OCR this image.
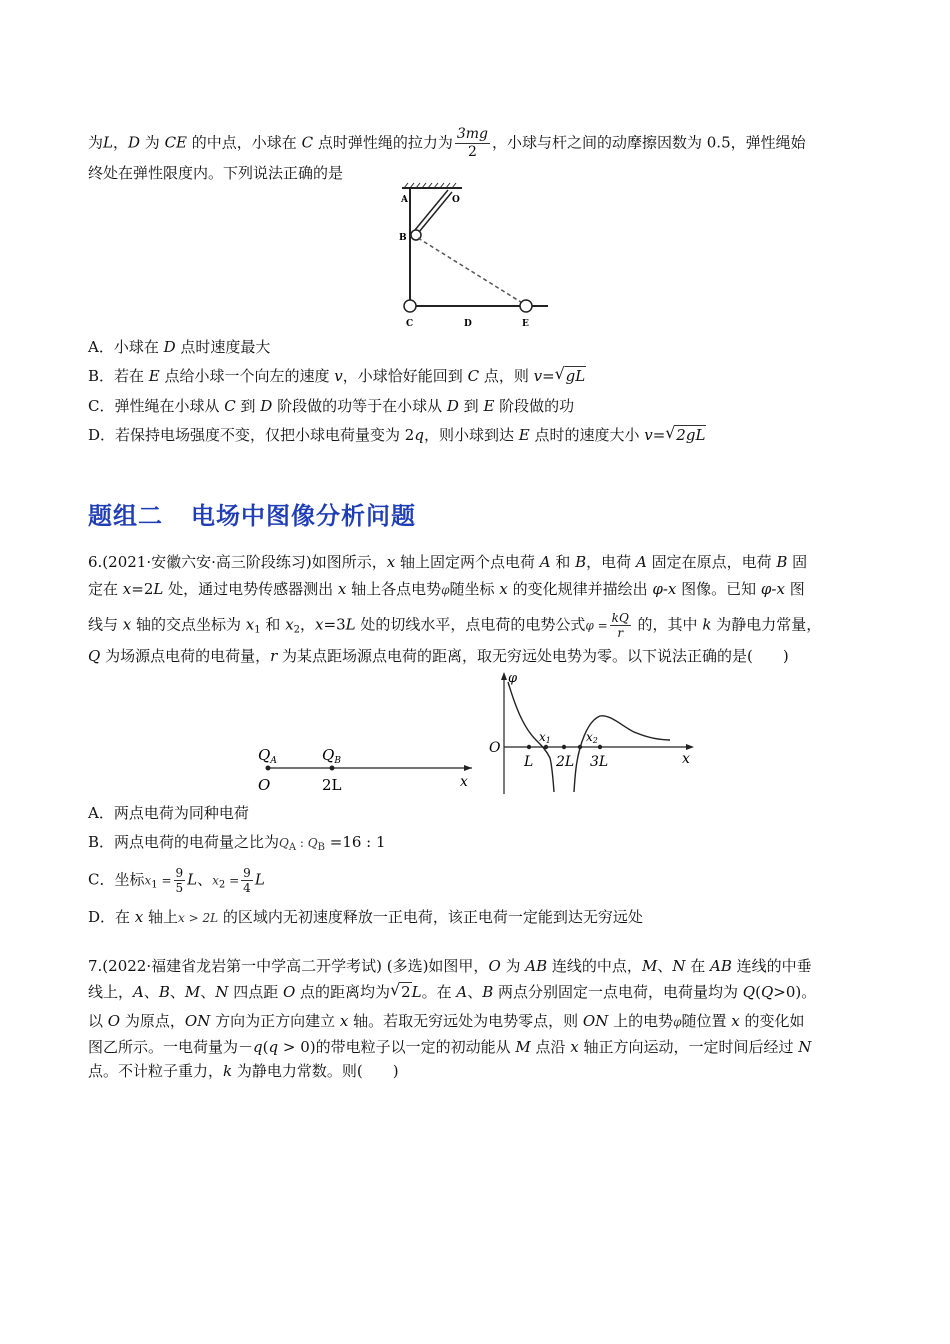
为L，D 为 CE 的中点，小球在 C 点时弹性绳的拉力为 $\frac{3mg}{2}$ ，小球与杆之间的动摩擦因数为 0.5，弹性绳始
终处在弹性限度内。下列说法正确的是
A	O
B
C	D	E
A．小球在 D 点时速度最大
B．若在 E 点给小球一个向左的速度 v，小球恰好能回到 C 点，则 v= √ gL
C．弹性绳在小球从 C 到 D 阶段做的功等于在小球从 D 到 E 阶段做的功
D．若保持电场强度不变，仅把小球电荷量变为 2q，则小球到达 E 点时的速度大小 v= √ 2gL
题组二 电场中图像分析问题
6.(2021·安徽六安·高三阶段练习)如图所示，x 轴上固定两个点电荷 A 和 B，电荷 A 固定在原点，电荷 B 固
定在 x=2L 处，通过电势传感器测出 x 轴上各点电势φ随坐标 x 的变化规律并描绘出 φ-x 图像。已知 φ-x 图
线与 x 轴的交点坐标为 $x_1$ 和 $x_2$，x=3L 处的切线水平，点电荷的电势公式$\varphi = \frac{kQ}{r}$ 的，其中 k 为静电力常量，
Q 为场源点电荷的电荷量，r 为某点距场源点电荷的距离，取无穷远处电势为零。以下说法正确的是(　　)
$Q_A$	$Q_B$
O	2L	x
φ
O
x1	x2
L 2L 3L	x
A．两点电荷为同种电荷
B．两点电荷的电荷量之比为$Q_A$ : $Q_B =16$ : 1
C．坐标$x_1 = \frac{9}{5}$ L、$x_2 = \frac{9}{4}$ L
D．在 x 轴上x > 2L 的区域内无初速度释放一正电荷，该正电荷一定能到达无穷远处
7.(2022·福建省龙岩第一中学高二开学考试) (多选)如图甲，O 为 AB 连线的中点，M、N 在 AB 连线的中垂
线上，A、B、M、N 四点距 O 点的距离均为 √ 2L。在 A、B 两点分别固定一点电荷，电荷量均为 Q(Q>0)。
以 O 为原点，ON 方向为正方向建立 x 轴。若取无穷远处为电势零点，则 ON 上的电势φ随位置 x 的变化如
图乙所示。一电荷量为－q(q > 0)的带电粒子以一定的初动能从 M 点沿 x 轴正方向运动，一定时间后经过 N
点。不计粒子重力，k 为静电力常数。则(　　)
